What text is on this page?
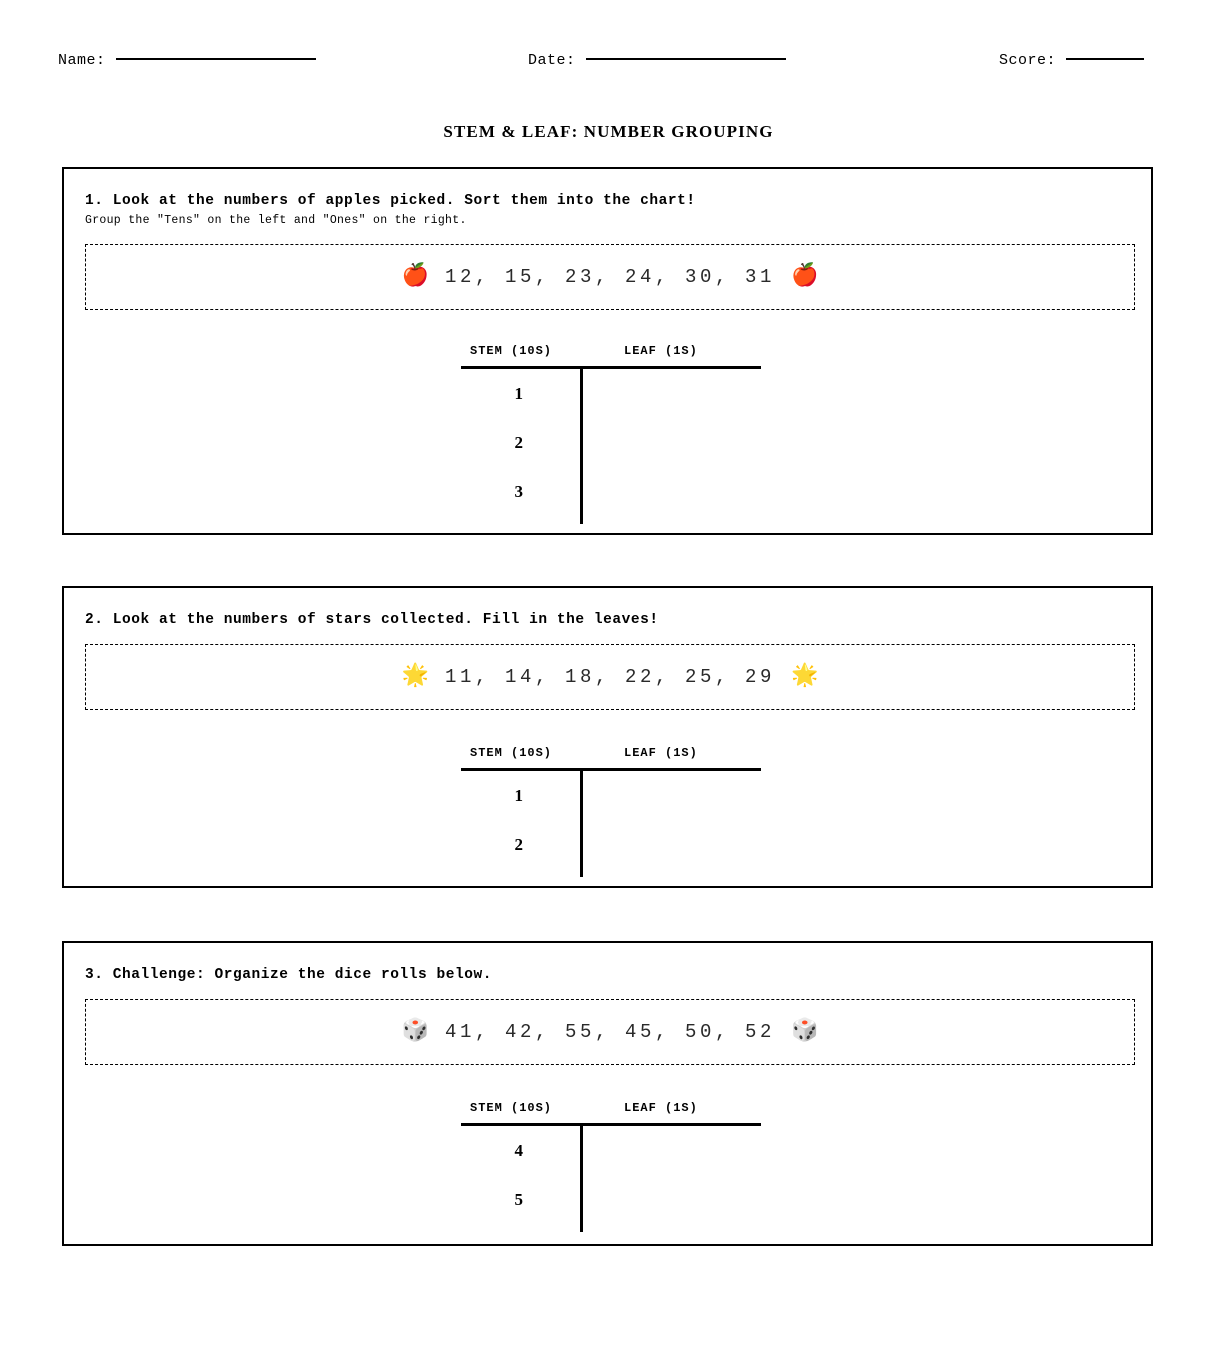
Name:	Date:	Score:
STEM & LEAF: NUMBER GROUPING
1. Look at the numbers of apples picked. Sort them into the chart!
Group the "Tens" on the left and "Ones" on the right.
🍎 12, 15, 23, 24, 30, 31 🍎
STEM (10S)	LEAF (1S)
1
2
3
2. Look at the numbers of stars collected. Fill in the leaves!
🌟 11, 14, 18, 22, 25, 29 🌟
STEM (10S)	LEAF (1S)
1
2
3. Challenge: Organize the dice rolls below.
🎲 41, 42, 55, 45, 50, 52 🎲
STEM (10S)	LEAF (1S)
4
5
